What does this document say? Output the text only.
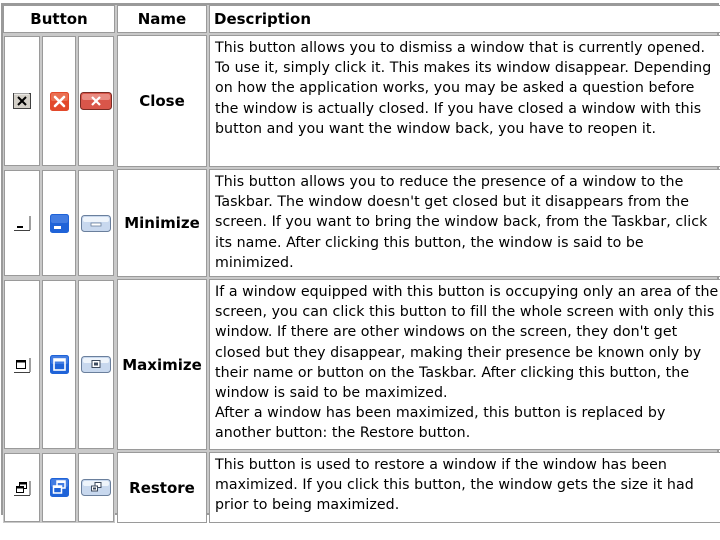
Button	Name	Description
Close
This button allows you to dismiss a window that is currently opened. To use it, simply click it. This makes its window disappear. Depending on how the application works, you may be asked a question before the window is actually closed. If you have closed a window with this button and you want the window back, you have to reopen it.
Minimize
This button allows you to reduce the presence of a window to the Taskbar. The window doesn't get closed but it disappears from the screen. If you want to bring the window back, from the Taskbar, click its name. After clicking this button, the window is said to be minimized.
Maximize
If a window equipped with this button is occupying only an area of the screen, you can click this button to fill the whole screen with only this window. If there are other windows on the screen, they don't get closed but they disappear, making their presence be known only by their name or button on the Taskbar. After clicking this button, the window is said to be maximized.
After a window has been maximized, this button is replaced by another button: the Restore button.
Restore
This button is used to restore a window if the window has been maximized. If you click this button, the window gets the size it had prior to being maximized.
